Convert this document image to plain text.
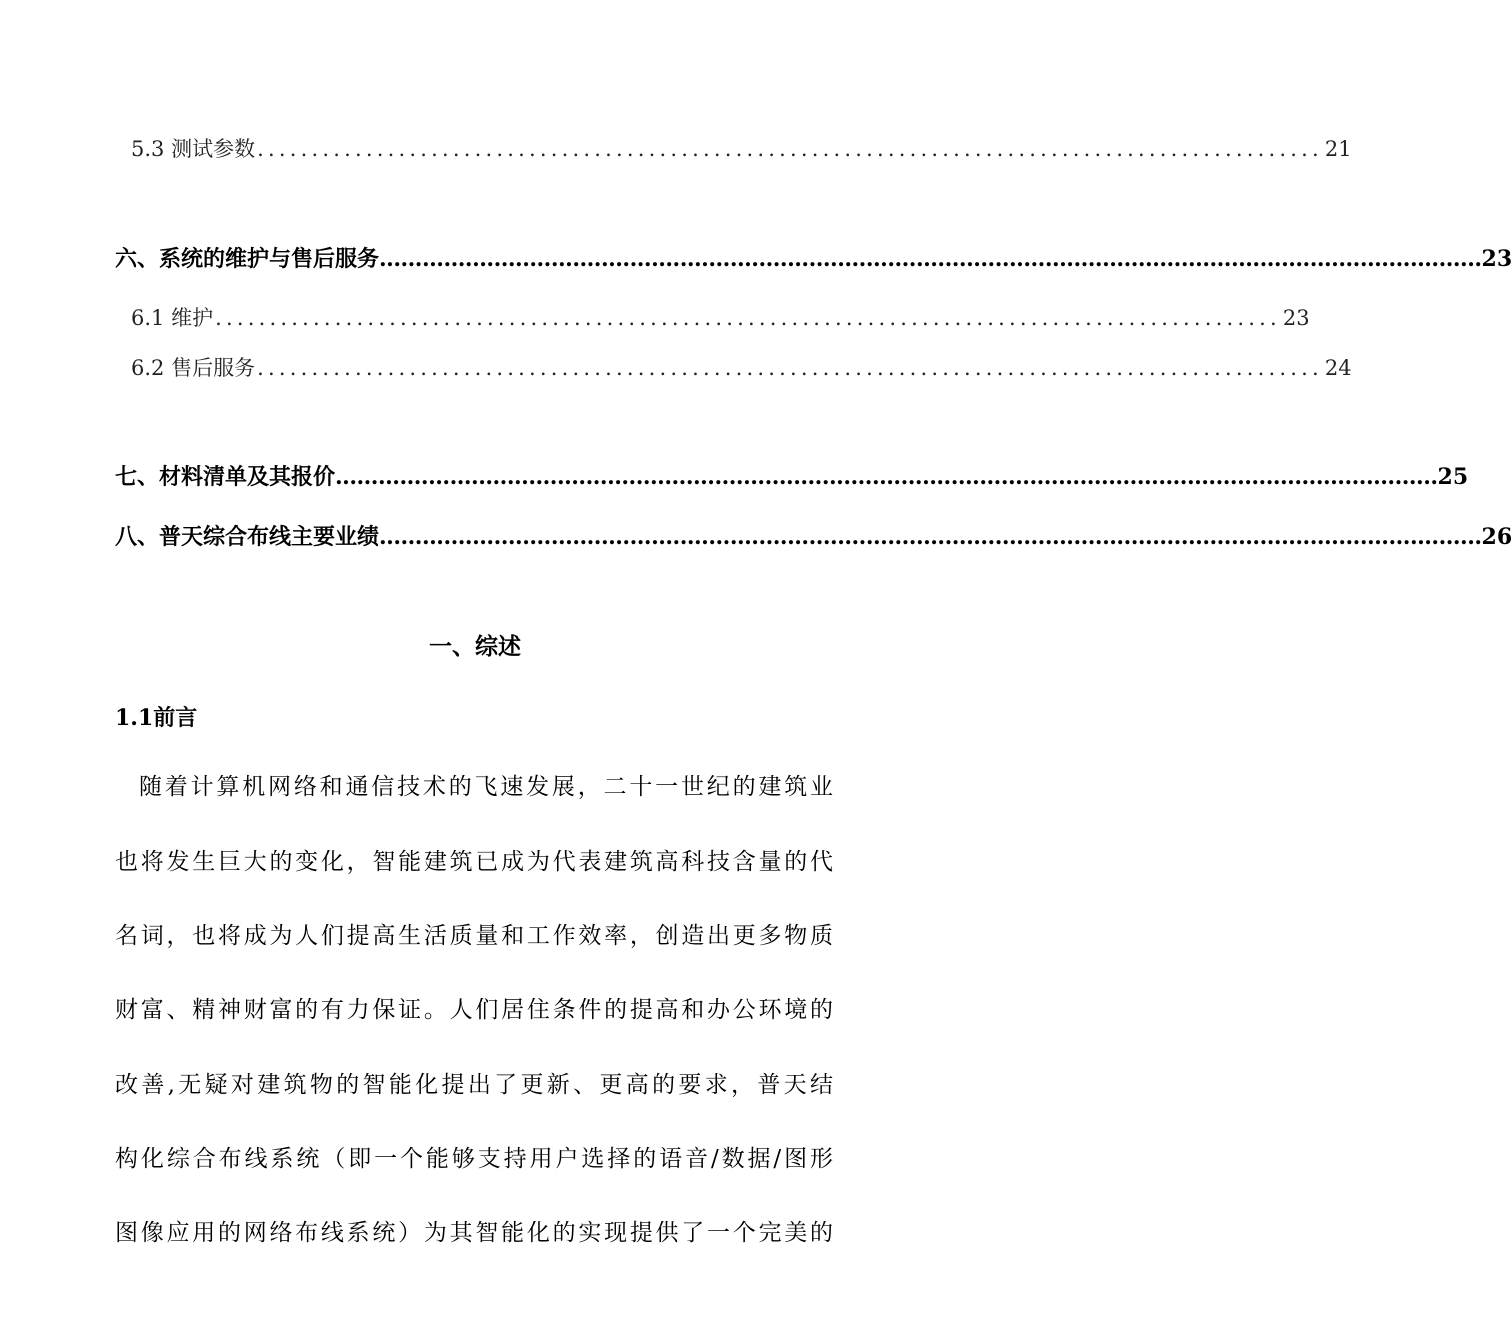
5.3 测试参数 .................................................................................................. 21
六、系统的维护与售后服务 .......................................................................................................................................................... 23
6.1 维护 .................................................................................................. 23
6.2 售后服务 .................................................................................................. 24
七、材料清单及其报价 .......................................................................................................................................................... 25
八、普天综合布线主要业绩 .......................................................................................................................................................... 26
一、综述
1.1前言
随着计算机网络和通信技术的飞速发展，二十一世纪的建筑业
也将发生巨大的变化，智能建筑已成为代表建筑高科技含量的代
名词，也将成为人们提高生活质量和工作效率，创造出更多物质
财富、精神财富的有力保证。人们居住条件的提高和办公环境的
改善,无疑对建筑物的智能化提出了更新、更高的要求，普天结
构化综合布线系统（即一个能够支持用户选择的语音/数据/图形
图像应用的网络布线系统）为其智能化的实现提供了一个完美的
